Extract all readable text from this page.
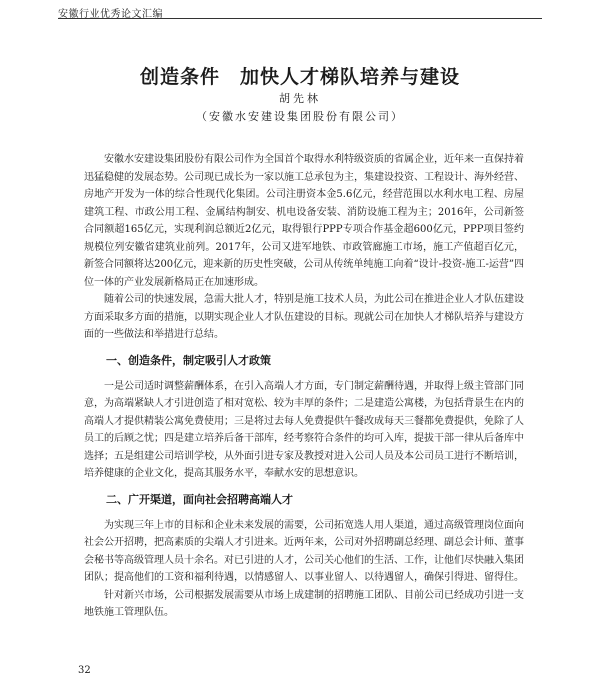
安徽行业优秀论文汇编
创造条件　加快人才梯队培养与建设
胡先林
（安徽水安建设集团股份有限公司）

安徽水安建设集团股份有限公司作为全国首个取得水利特级资质的省属企业，近年来一直保持着迅猛稳健的发展态势。公司现已成长为一家以施工总承包为主，集建设投资、工程设计、海外经营、房地产开发为一体的综合性现代化集团。公司注册资本金5.6亿元，经营范围以水利水电工程、房屋建筑工程、市政公用工程、金属结构制安、机电设备安装、消防设施工程为主；2016年，公司新签合同额超165亿元，实现利润总额近2亿元，取得银行PPP专项合作基金超600亿元，PPP项目签约规模位列安徽省建筑业前列。2017年，公司又进军地铁、市政管廊施工市场，施工产值超百亿元，新签合同额将达200亿元，迎来新的历史性突破，公司从传统单纯施工向着“设计-投资-施工-运营”四位一体的产业发展新格局正在加速形成。

随着公司的快速发展，急需大批人才，特别是施工技术人员，为此公司在推进企业人才队伍建设方面采取多方面的措施，以期实现企业人才队伍建设的目标。现就公司在加快人才梯队培养与建设方面的一些做法和举措进行总结。

一、创造条件，制定吸引人才政策

一是公司适时调整薪酬体系，在引入高端人才方面，专门制定薪酬待遇，并取得上级主管部门同意，为高端紧缺人才引进创造了相对宽松、较为丰厚的条件；二是建造公寓楼，为包括背景生在内的高端人才提供精装公寓免费使用；三是将过去每人免费提供午餐改成每天三餐都免费提供，免除了人员工的后顾之忧；四是建立培养后备干部库，经考察符合条件的均可入库，提拔干部一律从后备库中选择；五是组建公司培训学校，从外面引进专家及教授对进入公司人员及本公司员工进行不断培训，培养健康的企业文化，提高其服务水平，奉献水安的思想意识。

二、广开渠道，面向社会招聘高端人才

为实现三年上市的目标和企业未来发展的需要，公司拓宽选人用人渠道，通过高级管理岗位面向社会公开招聘，把高素质的尖端人才引进来。近两年来，公司对外招聘副总经理、副总会计师、董事会秘书等高级管理人员十余名。对已引进的人才，公司关心他们的生活、工作，让他们尽快融入集团团队；提高他们的工资和福利待遇，以情感留人、以事业留人、以待遇留人，确保引得进、留得住。

针对新兴市场，公司根据发展需要从市场上成建制的招聘施工团队、目前公司已经成功引进一支地铁施工管理队伍。

32
